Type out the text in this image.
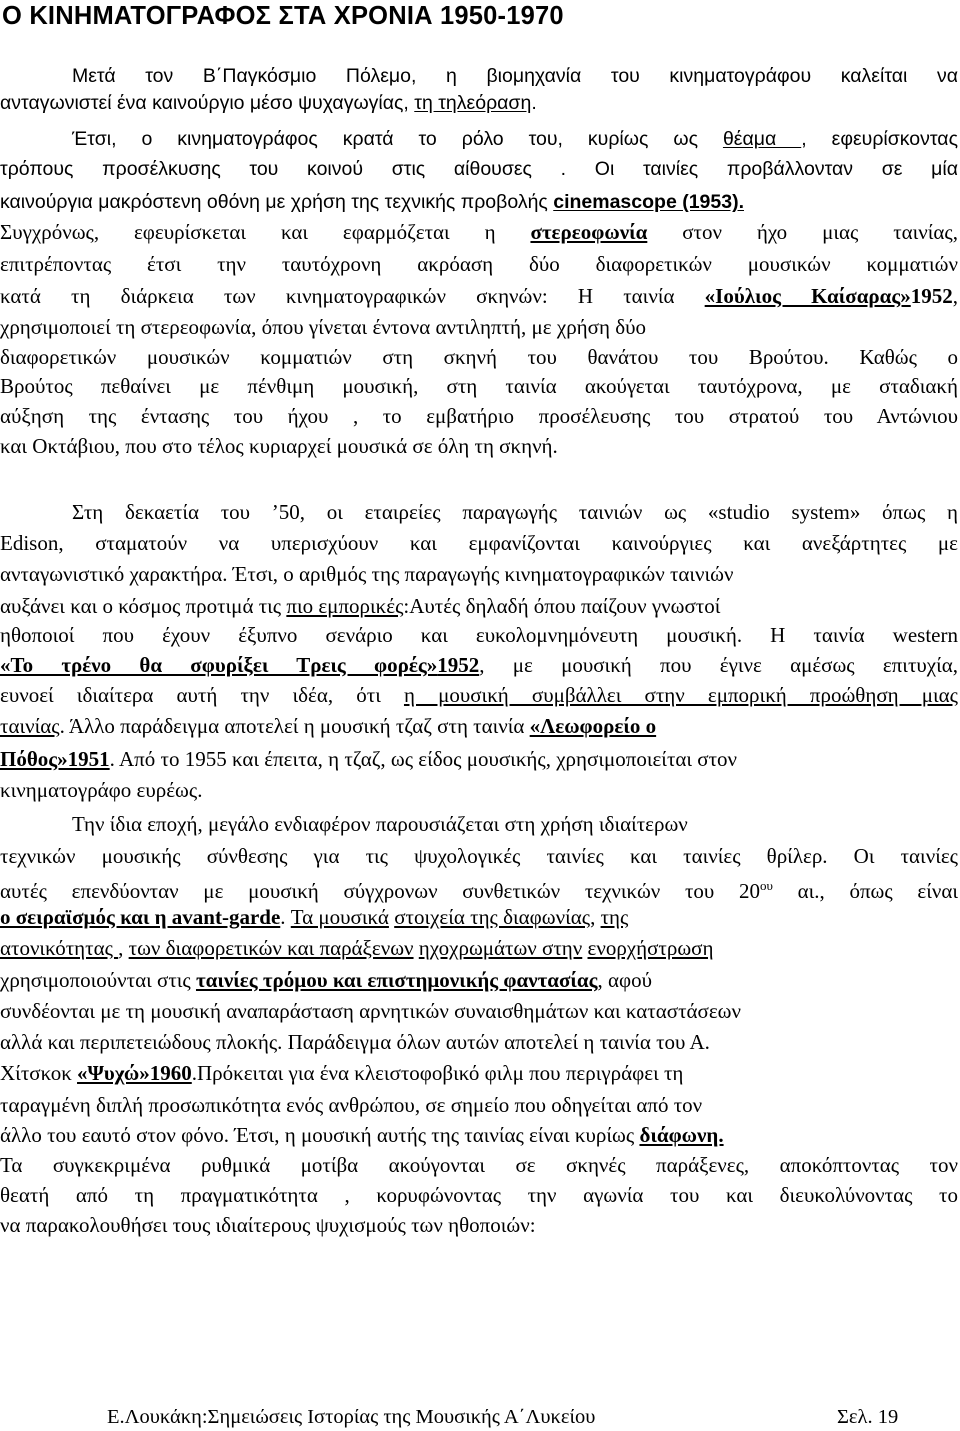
Ο ΚΙΝΗΜΑΤΟΓΡΑΦΟΣ ΣΤΑ ΧΡΟΝΙΑ 1950-1970
Μετά τον Β΄Παγκόσμιο Πόλεμο, η βιομηχανία του κινηματογράφου καλείται να
ανταγωνιστεί ένα καινούργιο μέσο ψυχαγωγίας, τη τηλεόραση.
Έτσι, ο κινηματογράφος κρατά το ρόλο του, κυρίως ως θέαμα , εφευρίσκοντας
τρόπους προσέλκυσης του κοινού στις αίθουσες . Οι ταινίες προβάλλονταν σε μία
καινούργια μακρόστενη οθόνη με χρήση της τεχνικής προβολής cinemascope (1953).
Συγχρόνως, εφευρίσκεται και εφαρμόζεται η στερεοφωνία στον ήχο μιας ταινίας,
επιτρέποντας έτσι την ταυτόχρονη ακρόαση δύο διαφορετικών μουσικών κομματιών
κατά τη διάρκεια των κινηματογραφικών σκηνών: Η ταινία «Ιούλιος Καίσαρας»1952,
χρησιμοποιεί τη στερεοφωνία, όπου γίνεται έντονα αντιληπτή, με χρήση δύο
διαφορετικών μουσικών κομματιών στη σκηνή του θανάτου του Βρούτου. Καθώς ο
Βρούτος πεθαίνει με πένθιμη μουσική, στη ταινία ακούγεται ταυτόχρονα, με σταδιακή
αύξηση της έντασης του ήχου , το εμβατήριο προσέλευσης του στρατού του Αντώνιου
και Οκτάβιου, που στο τέλος κυριαρχεί μουσικά σε όλη τη σκηνή.
Στη δεκαετία του ’50, οι εταιρείες παραγωγής ταινιών ως «studio system» όπως η
Edison, σταματούν να υπερισχύουν και εμφανίζονται καινούργιες και ανεξάρτητες με
ανταγωνιστικό χαρακτήρα. Έτσι, ο αριθμός της παραγωγής κινηματογραφικών ταινιών
αυξάνει και ο κόσμος προτιμά τις πιο εμπορικές:Αυτές δηλαδή όπου παίζουν γνωστοί
ηθοποιοί που έχουν έξυπνο σενάριο και ευκολομνημόνευτη μουσική. Η ταινία western
«Το τρένο θα σφυρίξει Τρεις φορές»1952, με μουσική που έγινε αμέσως επιτυχία,
ευνοεί ιδιαίτερα αυτή την ιδέα, ότι η μουσική συμβάλλει στην εμπορική προώθηση μιας
ταινίας. Άλλο παράδειγμα αποτελεί η μουσική τζαζ στη ταινία «Λεωφορείο ο
Πόθος»1951. Από το 1955 και έπειτα, η τζαζ, ως είδος μουσικής, χρησιμοποιείται στον
κινηματογράφο ευρέως.
Την ίδια εποχή, μεγάλο ενδιαφέρον παρουσιάζεται στη χρήση ιδιαίτερων
τεχνικών μουσικής σύνθεσης για τις ψυχολογικές ταινίες και ταινίες θρίλερ. Οι ταινίες
αυτές επενδύονταν με μουσική σύγχρονων συνθετικών τεχνικών του $20^{o\upsilon}$ αι., όπως είναι
ο σειραϊσμός και η avant-garde. Τα μουσικά στοιχεία της διαφωνίας, της
ατονικότητας , των διαφορετικών και παράξενων ηχοχρωμάτων στην ενορχήστρωση
χρησιμοποιούνται στις ταινίες τρόμου και επιστημονικής φαντασίας, αφού
συνδέονται με τη μουσική αναπαράσταση αρνητικών συναισθημάτων και καταστάσεων
αλλά και περιπετειώδους πλοκής. Παράδειγμα όλων αυτών αποτελεί η ταινία του Α.
Χίτσκοκ «Ψυχώ»1960.Πρόκειται για ένα κλειστοφοβικό φιλμ που περιγράφει τη
ταραγμένη διπλή προσωπικότητα ενός ανθρώπου, σε σημείο που οδηγείται από τον
άλλο του εαυτό στον φόνο. Έτσι, η μουσική αυτής της ταινίας είναι κυρίως διάφωνη.
Τα συγκεκριμένα ρυθμικά μοτίβα ακούγονται σε σκηνές παράξενες, αποκόπτοντας τον
θεατή από τη πραγματικότητα , κορυφώνοντας την αγωνία του και διευκολύνοντας το
να παρακολουθήσει τους ιδιαίτερους ψυχισμούς των ηθοποιών:
Ε.Λουκάκη:Σημειώσεις Ιστορίας της Μουσικής Α΄Λυκείου	Σελ. 19
